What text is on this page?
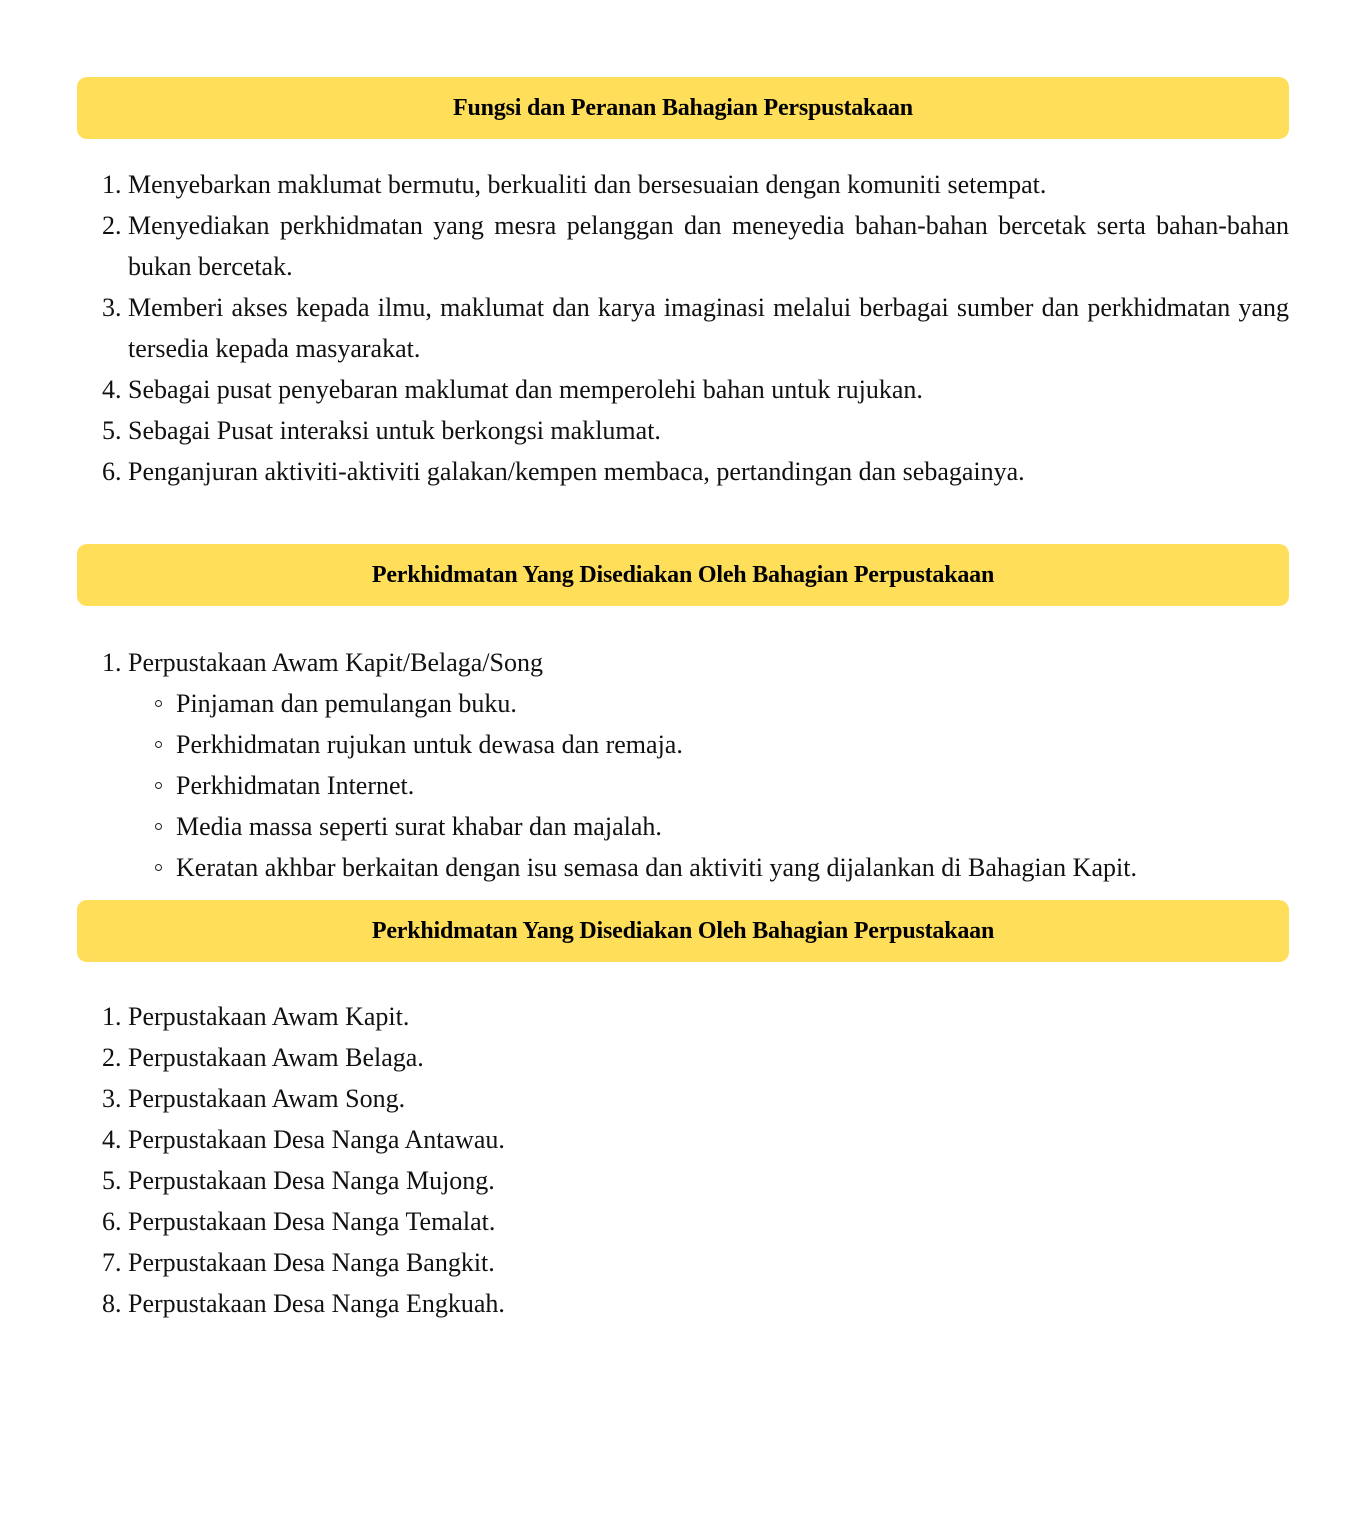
Fungsi dan Peranan Bahagian Perspustakaan
1. Menyebarkan maklumat bermutu, berkualiti dan bersesuaian dengan komuniti setempat.
2. Menyediakan perkhidmatan yang mesra pelanggan dan meneyedia bahan-bahan bercetak serta bahan-bahan bukan bercetak.
3. Memberi akses kepada ilmu, maklumat dan karya imaginasi melalui berbagai sumber dan perkhidmatan yang tersedia kepada masyarakat.
4. Sebagai pusat penyebaran maklumat dan memperolehi bahan untuk rujukan.
5. Sebagai Pusat interaksi untuk berkongsi maklumat.
6. Penganjuran aktiviti-aktiviti galakan/kempen membaca, pertandingan dan sebagainya.
Perkhidmatan Yang Disediakan Oleh Bahagian Perpustakaan
1. Perpustakaan Awam Kapit/Belaga/Song
Pinjaman dan pemulangan buku.
Perkhidmatan rujukan untuk dewasa dan remaja.
Perkhidmatan Internet.
Media massa seperti surat khabar dan majalah.
Keratan akhbar berkaitan dengan isu semasa dan aktiviti yang dijalankan di Bahagian Kapit.
Perkhidmatan Yang Disediakan Oleh Bahagian Perpustakaan
1. Perpustakaan Awam Kapit.
2. Perpustakaan Awam Belaga.
3. Perpustakaan Awam Song.
4. Perpustakaan Desa Nanga Antawau.
5. Perpustakaan Desa Nanga Mujong.
6. Perpustakaan Desa Nanga Temalat.
7. Perpustakaan Desa Nanga Bangkit.
8. Perpustakaan Desa Nanga Engkuah.
